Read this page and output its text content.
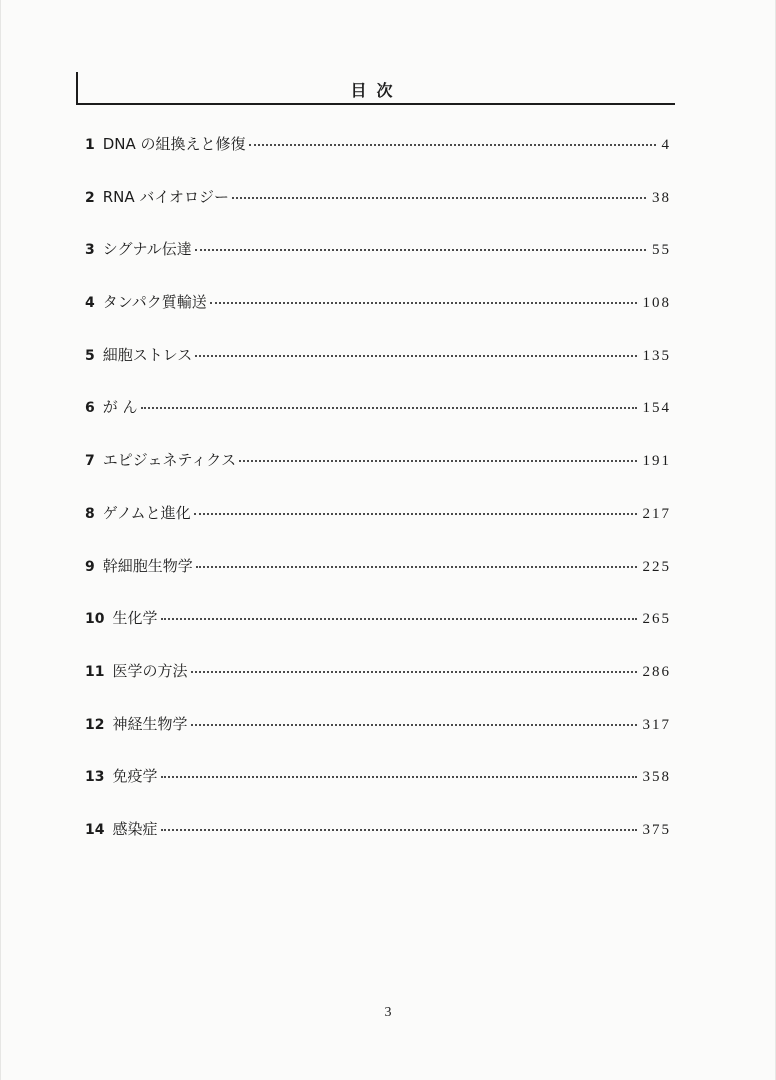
目次
1 DNA の組換えと修復	4
2 RNA バイオロジー	38
3 シグナル伝達	55
4 タンパク質輸送	108
5 細胞ストレス	135
6 が ん	154
7 エピジェネティクス	191
8 ゲノムと進化	217
9 幹細胞生物学	225
10 生化学	265
11 医学の方法	286
12 神経生物学	317
13 免疫学	358
14 感染症	375
3
